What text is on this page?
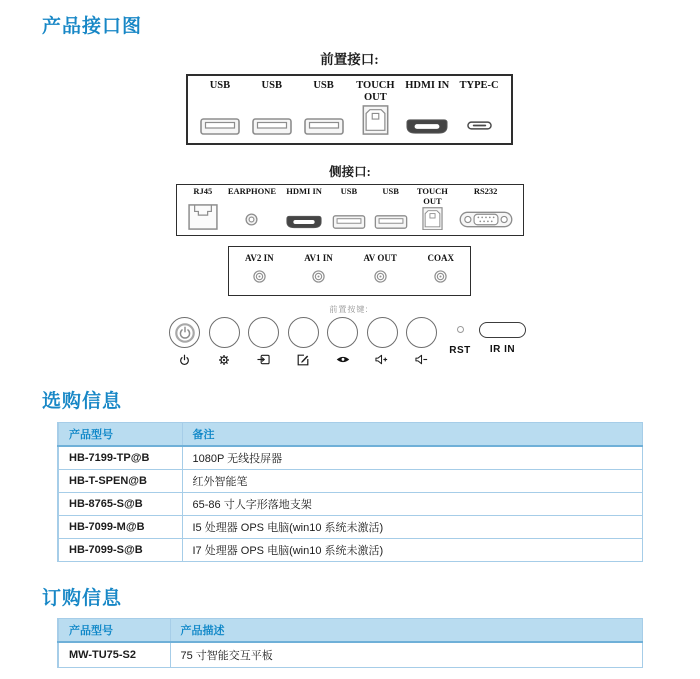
产品接口图
前置接口:
USB	USB	USB	TOUCH OUT
HDMI IN TYPE-C
侧接口:
RJ45 EARPHONE HDMI IN USB	USB	TOUCH OUT
RS232
AV2 IN	AV1 IN	AV OUT	COAX
前置按键:
RST	IR IN
选购信息
产品型号	备注
HB-7199-TP@B	1080P 无线投屏器
HB-T-SPEN@B	红外智能笔
HB-8765-S@B	65-86 寸人字形落地支架
HB-7099-M@B	I5 处理器 OPS 电脑(win10 系统未激活)
HB-7099-S@B	I7 处理器 OPS 电脑(win10 系统未激活)
订购信息
产品型号	产品描述
MW-TU75-S2	75 寸智能交互平板
